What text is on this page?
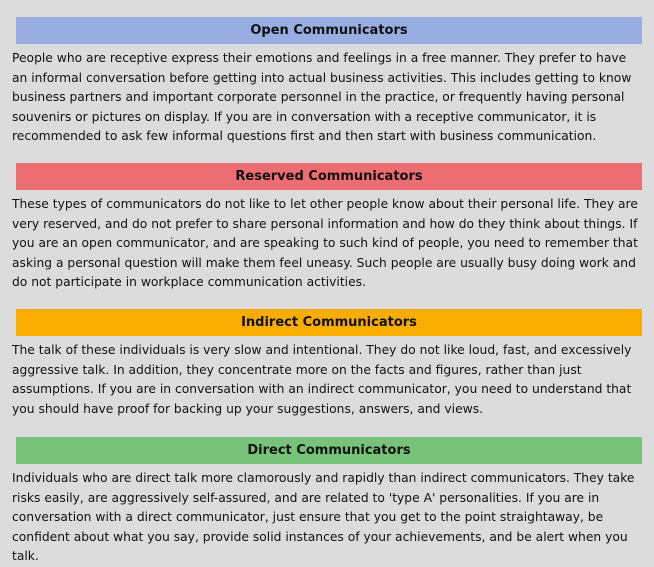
Open Communicators
People who are receptive express their emotions and feelings in a free manner. They prefer to have an informal conversation before getting into actual business activities. This includes getting to know business partners and important corporate personnel in the practice, or frequently having personal souvenirs or pictures on display. If you are in conversation with a receptive communicator, it is recommended to ask few informal questions first and then start with business communication.
Reserved Communicators
These types of communicators do not like to let other people know about their personal life. They are very reserved, and do not prefer to share personal information and how do they think about things. If you are an open communicator, and are speaking to such kind of people, you need to remember that asking a personal question will make them feel uneasy. Such people are usually busy doing work and do not participate in workplace communication activities.
Indirect Communicators
The talk of these individuals is very slow and intentional. They do not like loud, fast, and excessively aggressive talk. In addition, they concentrate more on the facts and figures, rather than just assumptions. If you are in conversation with an indirect communicator, you need to understand that you should have proof for backing up your suggestions, answers, and views.
Direct Communicators
Individuals who are direct talk more clamorously and rapidly than indirect communicators. They take risks easily, are aggressively self-assured, and are related to 'type A' personalities. If you are in conversation with a direct communicator, just ensure that you get to the point straightaway, be confident about what you say, provide solid instances of your achievements, and be alert when you talk.
